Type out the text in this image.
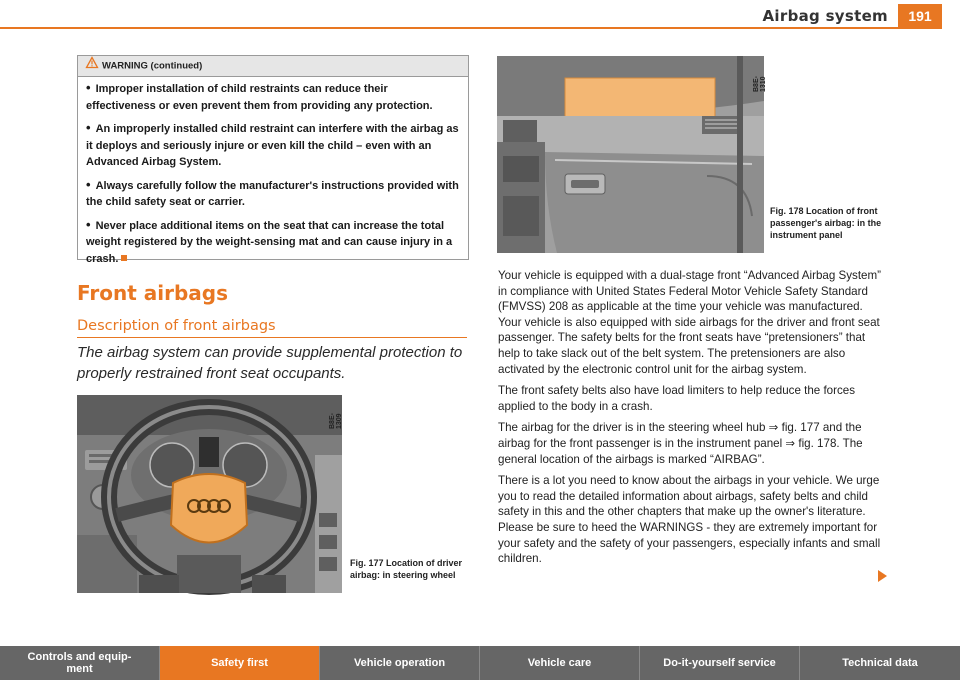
Airbag system	191
WARNING (continued)

• Improper installation of child restraints can reduce their effectiveness or even prevent them from providing any protection.

• An improperly installed child restraint can interfere with the airbag as it deploys and seriously injure or even kill the child – even with an Advanced Airbag System.

• Always carefully follow the manufacturer's instructions provided with the child safety seat or carrier.

• Never place additional items on the seat that can increase the total weight registered by the weight-sensing mat and can cause injury in a crash.

Front airbags
Description of front airbags
The airbag system can provide supplemental protection to properly restrained front seat occupants.
B8E-1309
Fig. 177 Location of driver airbag: in steering wheel
B8E-1310
Fig. 178 Location of front passenger's airbag: in the instrument panel

Your vehicle is equipped with a dual-stage front “Advanced Airbag System” in compliance with United States Federal Motor Vehicle Safety Standard (FMVSS) 208 as applicable at the time your vehicle was manufactured. Your vehicle is also equipped with side airbags for the driver and front seat passenger. The safety belts for the front seats have “pretensioners” that help to take slack out of the belt system. The pretensioners are also activated by the electronic control unit for the airbag system.

The front safety belts also have load limiters to help reduce the forces applied to the body in a crash.

The airbag for the driver is in the steering wheel hub ⇒ fig. 177 and the airbag for the front passenger is in the instrument panel ⇒ fig. 178. The general location of the airbags is marked “AIRBAG”.

There is a lot you need to know about the airbags in your vehicle. We urge you to read the detailed information about airbags, safety belts and child safety in this and the other chapters that make up the owner's literature. Please be sure to heed the WARNINGS - they are extremely important for your safety and the safety of your passengers, especially infants and small children.

Controls and equip-
ment	Safety first	Vehicle operation	Vehicle care	Do-it-yourself service	Technical data
